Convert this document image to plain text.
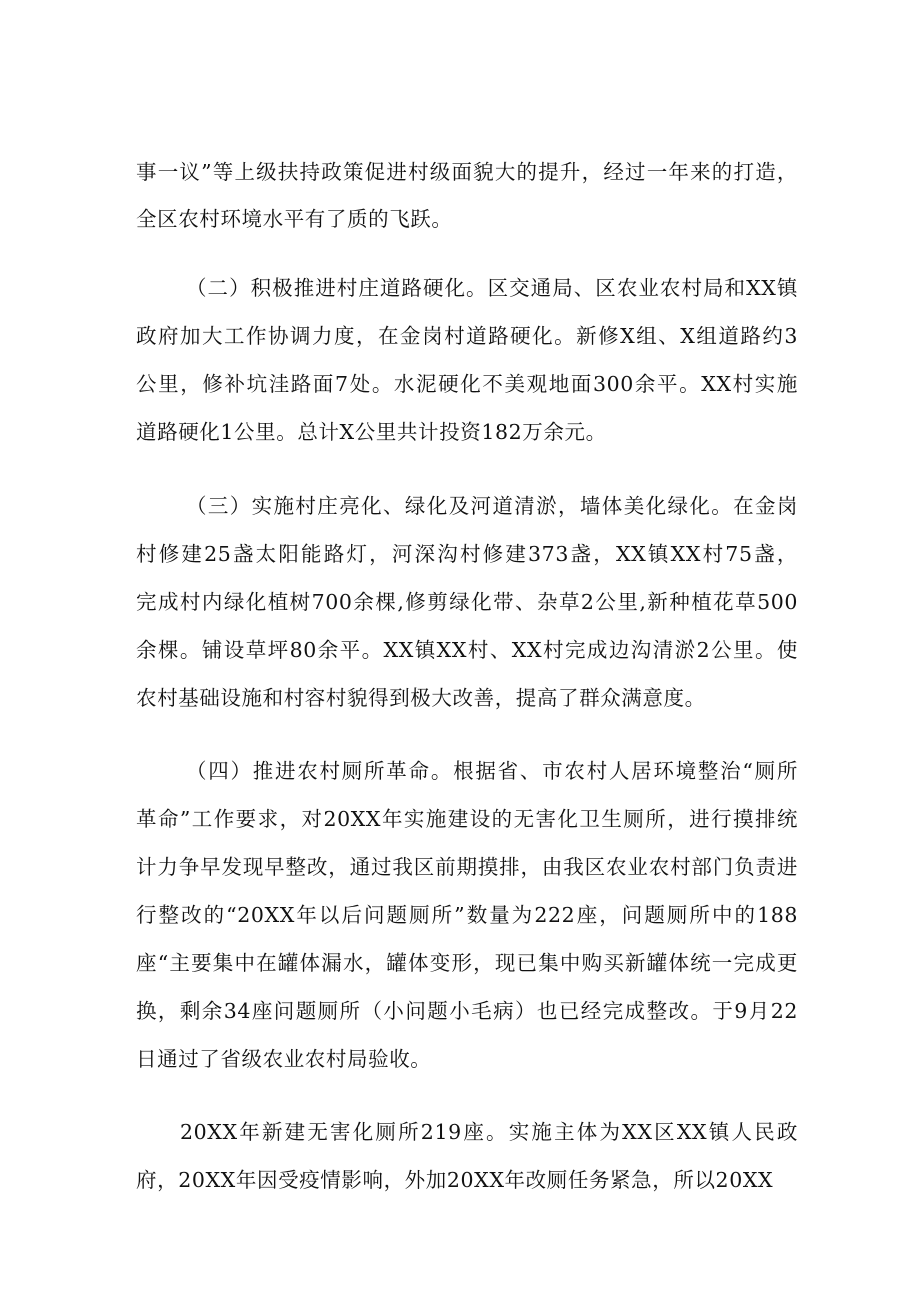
事一议”等上级扶持政策促进村级面貌大的提升，经过一年来的打造，
全区农村环境水平有了质的飞跃。
（二）积极推进村庄道路硬化。区交通局、区农业农村局和XX镇
政府加大工作协调力度，在金岗村道路硬化。新修X组、X组道路约3
公里，修补坑洼路面7处。水泥硬化不美观地面300余平。XX村实施
道路硬化1公里。总计X公里共计投资182万余元。
（三）实施村庄亮化、绿化及河道清淤，墙体美化绿化。在金岗
村修建25盏太阳能路灯，河深沟村修建373盏，XX镇XX村75盏，
完成村内绿化植树700余棵,修剪绿化带、杂草2公里,新种植花草500
余棵。铺设草坪80余平。XX镇XX村、XX村完成边沟清淤2公里。使
农村基础设施和村容村貌得到极大改善，提高了群众满意度。
（四）推进农村厕所革命。根据省、市农村人居环境整治“厕所
革命”工作要求，对20XX年实施建设的无害化卫生厕所，进行摸排统
计力争早发现早整改，通过我区前期摸排，由我区农业农村部门负责进
行整改的“20XX年以后问题厕所”数量为222座，问题厕所中的188
座“主要集中在罐体漏水，罐体变形，现已集中购买新罐体统一完成更
换，剩余34座问题厕所（小问题小毛病）也已经完成整改。于9月22
日通过了省级农业农村局验收。
20XX年新建无害化厕所219座。实施主体为XX区XX镇人民政
府，20XX年因受疫情影响，外加20XX年改厕任务紧急，所以20XX
